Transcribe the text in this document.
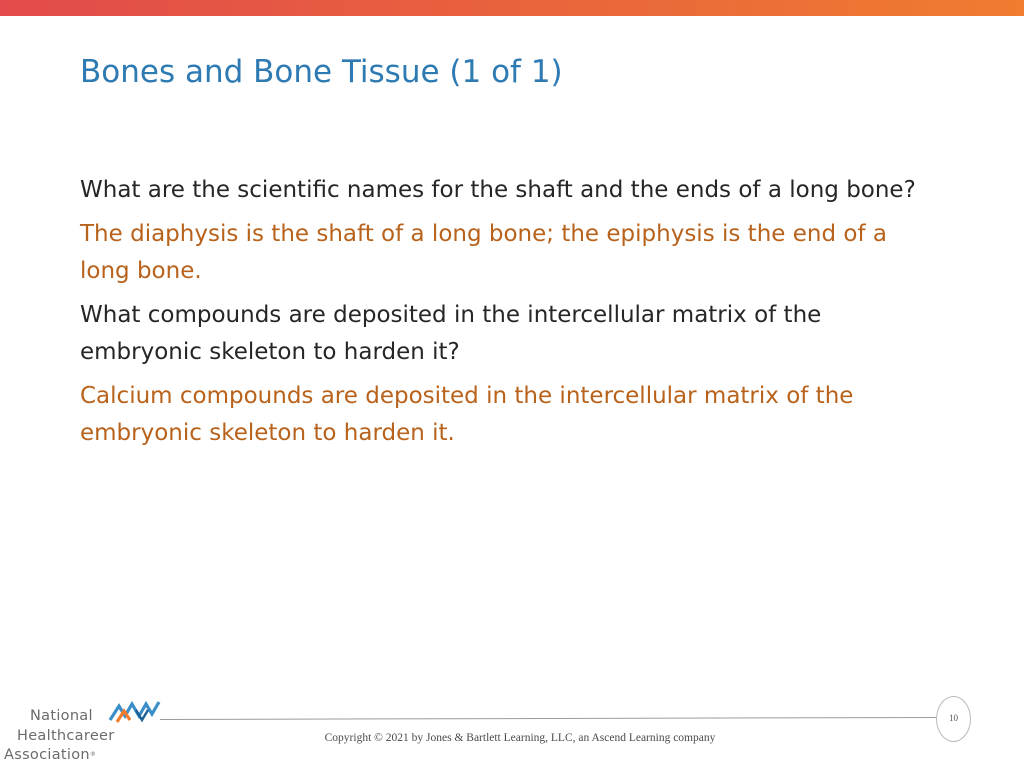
Bones and Bone Tissue (1 of 1)

What are the scientific names for the shaft and the ends of a long bone?

The diaphysis is the shaft of a long bone; the epiphysis is the end of a long bone.

What compounds are deposited in the intercellular matrix of the embryonic skeleton to harden it?

Calcium compounds are deposited in the intercellular matrix of the embryonic skeleton to harden it.

National
Healthcareer
Association®
Copyright © 2021 by Jones & Bartlett Learning, LLC, an Ascend Learning company
10
